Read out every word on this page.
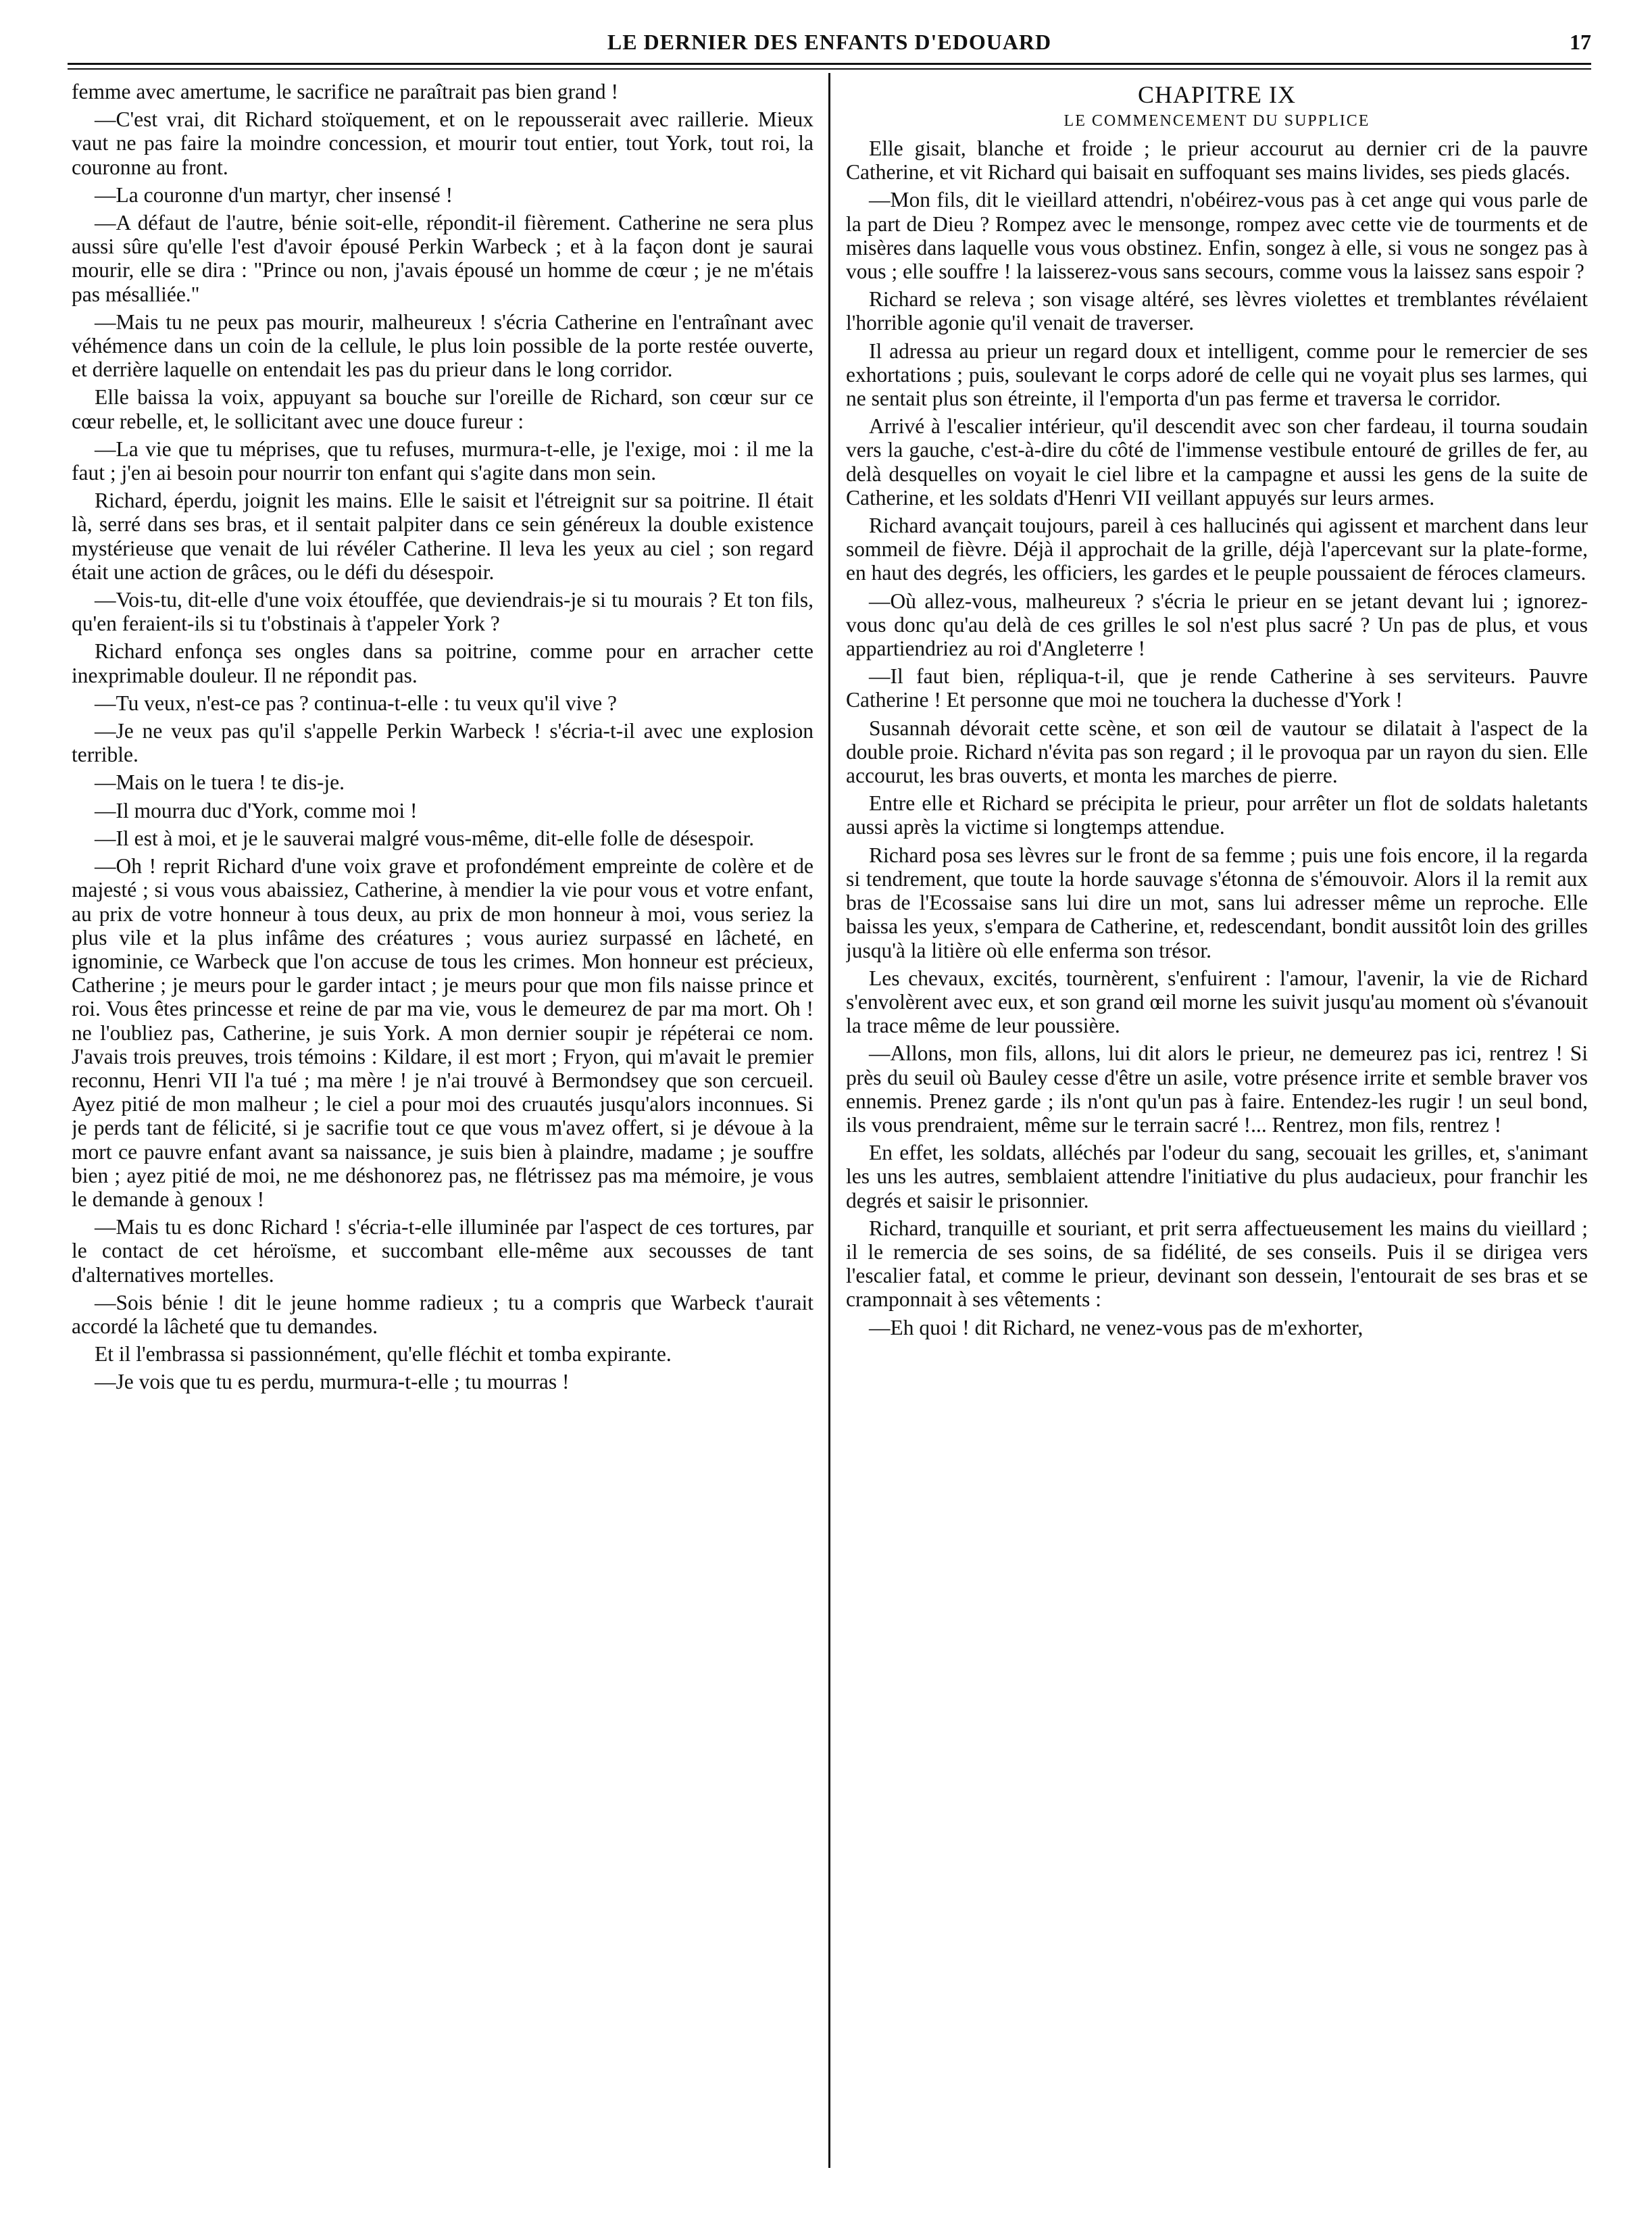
LE DERNIER DES ENFANTS D'EDOUARD	17

femme avec amertume, le sacrifice ne paraîtrait pas bien grand !

—C'est vrai, dit Richard stoïquement, et on le repousserait avec raillerie. Mieux vaut ne pas faire la moindre concession, et mourir tout entier, tout York, tout roi, la couronne au front.

—La couronne d'un martyr, cher insensé !

—A défaut de l'autre, bénie soit-elle, répondit-il fièrement. Catherine ne sera plus aussi sûre qu'elle l'est d'avoir épousé Perkin Warbeck ; et à la façon dont je saurai mourir, elle se dira : "Prince ou non, j'avais épousé un homme de cœur ; je ne m'étais pas mésalliée."

—Mais tu ne peux pas mourir, malheureux ! s'écria Catherine en l'entraînant avec véhémence dans un coin de la cellule, le plus loin possible de la porte restée ouverte, et derrière laquelle on entendait les pas du prieur dans le long corridor.

Elle baissa la voix, appuyant sa bouche sur l'oreille de Richard, son cœur sur ce cœur rebelle, et, le sollicitant avec une douce fureur :

—La vie que tu méprises, que tu refuses, murmura-t-elle, je l'exige, moi : il me la faut ; j'en ai besoin pour nourrir ton enfant qui s'agite dans mon sein.

Richard, éperdu, joignit les mains. Elle le saisit et l'étreignit sur sa poitrine. Il était là, serré dans ses bras, et il sentait palpiter dans ce sein généreux la double existence mystérieuse que venait de lui révéler Catherine. Il leva les yeux au ciel ; son regard était une action de grâces, ou le défi du désespoir.

—Vois-tu, dit-elle d'une voix étouffée, que deviendrais-je si tu mourais ? Et ton fils, qu'en feraient-ils si tu t'obstinais à t'appeler York ?

Richard enfonça ses ongles dans sa poitrine, comme pour en arracher cette inexprimable douleur. Il ne répondit pas.

—Tu veux, n'est-ce pas ? continua-t-elle : tu veux qu'il vive ?

—Je ne veux pas qu'il s'appelle Perkin Warbeck ! s'écria-t-il avec une explosion terrible.

—Mais on le tuera ! te dis-je.

—Il mourra duc d'York, comme moi !

—Il est à moi, et je le sauverai malgré vous-même, dit-elle folle de désespoir.

—Oh ! reprit Richard d'une voix grave et profondément empreinte de colère et de majesté ; si vous vous abaissiez, Catherine, à mendier la vie pour vous et votre enfant, au prix de votre honneur à tous deux, au prix de mon honneur à moi, vous seriez la plus vile et la plus infâme des créatures ; vous auriez surpassé en lâcheté, en ignominie, ce Warbeck que l'on accuse de tous les crimes. Mon honneur est précieux, Catherine ; je meurs pour le garder intact ; je meurs pour que mon fils naisse prince et roi. Vous êtes princesse et reine de par ma vie, vous le demeurez de par ma mort. Oh ! ne l'oubliez pas, Catherine, je suis York. A mon dernier soupir je répéterai ce nom. J'avais trois preuves, trois témoins : Kildare, il est mort ; Fryon, qui m'avait le premier reconnu, Henri VII l'a tué ; ma mère ! je n'ai trouvé à Bermondsey que son cercueil. Ayez pitié de mon malheur ; le ciel a pour moi des cruautés jusqu'alors inconnues. Si je perds tant de félicité, si je sacrifie tout ce que vous m'avez offert, si je dévoue à la mort ce pauvre enfant avant sa naissance, je suis bien à plaindre, madame ; je souffre bien ; ayez pitié de moi, ne me déshonorez pas, ne flétrissez pas ma mémoire, je vous le demande à genoux !

—Mais tu es donc Richard ! s'écria-t-elle illuminée par l'aspect de ces tortures, par le contact de cet héroïsme, et succombant elle-même aux secousses de tant d'alternatives mortelles.

—Sois bénie ! dit le jeune homme radieux ; tu a compris que Warbeck t'aurait accordé la lâcheté que tu demandes.

Et il l'embrassa si passionnément, qu'elle fléchit et tomba expirante.

—Je vois que tu es perdu, murmura-t-elle ; tu mourras !

CHAPITRE IX
LE COMMENCEMENT DU SUPPLICE

Elle gisait, blanche et froide ; le prieur accourut au dernier cri de la pauvre Catherine, et vit Richard qui baisait en suffoquant ses mains livides, ses pieds glacés.

—Mon fils, dit le vieillard attendri, n'obéirez-vous pas à cet ange qui vous parle de la part de Dieu ? Rompez avec le mensonge, rompez avec cette vie de tourments et de misères dans laquelle vous vous obstinez. Enfin, songez à elle, si vous ne songez pas à vous ; elle souffre ! la laisserez-vous sans secours, comme vous la laissez sans espoir ?

Richard se releva ; son visage altéré, ses lèvres violettes et tremblantes révélaient l'horrible agonie qu'il venait de traverser.

Il adressa au prieur un regard doux et intelligent, comme pour le remercier de ses exhortations ; puis, soulevant le corps adoré de celle qui ne voyait plus ses larmes, qui ne sentait plus son étreinte, il l'emporta d'un pas ferme et traversa le corridor.

Arrivé à l'escalier intérieur, qu'il descendit avec son cher fardeau, il tourna soudain vers la gauche, c'est-à-dire du côté de l'immense vestibule entouré de grilles de fer, au delà desquelles on voyait le ciel libre et la campagne et aussi les gens de la suite de Catherine, et les soldats d'Henri VII veillant appuyés sur leurs armes.

Richard avançait toujours, pareil à ces hallucinés qui agissent et marchent dans leur sommeil de fièvre. Déjà il approchait de la grille, déjà l'apercevant sur la plate-forme, en haut des degrés, les officiers, les gardes et le peuple poussaient de féroces clameurs.

—Où allez-vous, malheureux ? s'écria le prieur en se jetant devant lui ; ignorez-vous donc qu'au delà de ces grilles le sol n'est plus sacré ? Un pas de plus, et vous appartiendriez au roi d'Angleterre !

—Il faut bien, répliqua-t-il, que je rende Catherine à ses serviteurs. Pauvre Catherine ! Et personne que moi ne touchera la duchesse d'York !

Susannah dévorait cette scène, et son œil de vautour se dilatait à l'aspect de la double proie. Richard n'évita pas son regard ; il le provoqua par un rayon du sien. Elle accourut, les bras ouverts, et monta les marches de pierre.

Entre elle et Richard se précipita le prieur, pour arrêter un flot de soldats haletants aussi après la victime si longtemps attendue.

Richard posa ses lèvres sur le front de sa femme ; puis une fois encore, il la regarda si tendrement, que toute la horde sauvage s'étonna de s'émouvoir. Alors il la remit aux bras de l'Ecossaise sans lui dire un mot, sans lui adresser même un reproche. Elle baissa les yeux, s'empara de Catherine, et, redescendant, bondit aussitôt loin des grilles jusqu'à la litière où elle enferma son trésor.

Les chevaux, excités, tournèrent, s'enfuirent : l'amour, l'avenir, la vie de Richard s'envolèrent avec eux, et son grand œil morne les suivit jusqu'au moment où s'évanouit la trace même de leur poussière.

—Allons, mon fils, allons, lui dit alors le prieur, ne demeurez pas ici, rentrez ! Si près du seuil où Bauley cesse d'être un asile, votre présence irrite et semble braver vos ennemis. Prenez garde ; ils n'ont qu'un pas à faire. Entendez-les rugir ! un seul bond, ils vous prendraient, même sur le terrain sacré !... Rentrez, mon fils, rentrez !

En effet, les soldats, alléchés par l'odeur du sang, secouait les grilles, et, s'animant les uns les autres, semblaient attendre l'initiative du plus audacieux, pour franchir les degrés et saisir le prisonnier.

Richard, tranquille et souriant, et prit serra affectueusement les mains du vieillard ; il le remercia de ses soins, de sa fidélité, de ses conseils. Puis il se dirigea vers l'escalier fatal, et comme le prieur, devinant son dessein, l'entourait de ses bras et se cramponnait à ses vêtements :

—Eh quoi ! dit Richard, ne venez-vous pas de m'exhorter,
